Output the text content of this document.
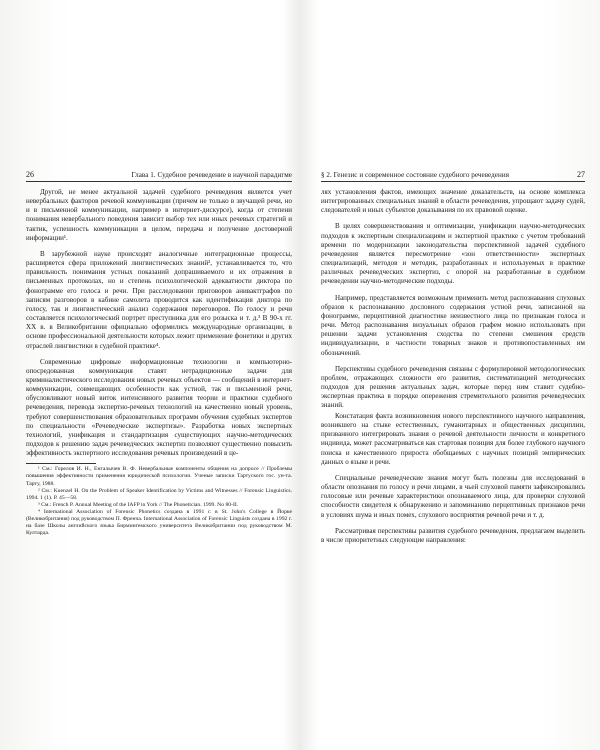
26	Глава 1. Судебное речеведение в научной парадигме

Другой, не менее актуальной задачей судебного речеведения является учет невербальных факторов речевой коммуникации (причем не только в звучащей речи, но и в письменной коммуникации, например в интернет-дискурсе), когда от степени понимания невербального поведения зависит выбор тех или иных речевых стратегий и тактик, успешность коммуникации в целом, передача и получение достоверной информации¹.

В зарубежной науке происходят аналогичные интеграционные процессы, расширяется сфера приложений лингвистических знаний², устанавливается то, что правильность понимания устных показаний допрашиваемого и их отражения в письменных протоколах, но и степень психологической адекватности диктора по фонограмме его голоса и речи. При расследовании приговоров анивактграфов по записям разговоров в кабине самолета проводится как идентификация диктора по голосу, так и лингвистический анализ содержания переговоров. По голосу и речи составляется психологический портрет преступника для его розыска и т. д.³ В 90-х гг. XX в. в Великобритании официально оформились международные организации, в основе профессиональной деятельности которых лежит применение фонетики и других отраслей лингвистики в судебной практике⁴.

Современные цифровые информационные технологии и компьютерно-опосредованная коммуникация ставят нетрадиционные задачи для криминалистического исследования новых речевых объектов — сообщений в интернет-коммуникации, совмещающих особенности как устной, так и письменной речи, обусловливают новый виток интенсивного развития теории и практики судебного речеведения, перевода экспертно-речевых технологий на качественно новый уровень, требуют совершенствования образовательных программ обучения судебных экспертов по специальности «Речеведческие экспертизы». Разработка новых экспертных технологий, унификация и стандартизация существующих научно-методических подходов к решению задач речеведческих экспертиз позволяют существенно повысить эффективность экспертного исследования речевых произведений в це-

¹ См.: Горелов И. Н., Енгалычев В. Ф. Невербальные компоненты общения на допросе // Проблемы повышения эффективности применения юридической психологии. Ученые записки Тартуского гос. ун-та. Тарту, 1988.

² См.: Kuenzel H. On the Problem of Speaker Identification by Victims and Witnesses // Forensic Linguistics. 1994. 1 (1). P. 45—58.

³ См.: French P. Annual Meeting of the IAFP in York // The Phonetician. 1999. No 80-II.

⁴ International Association of Forensic Phonetics создана в 1991 г. в St. John's College в Йорке (Великобритания) под руководством П. Френча. International Association of Forensic Linguists создана в 1992 г. на базе Школы английского языка Бирмингемского университета Великобритании под руководством М. Култарда.

§ 2. Генезис и современное состояние судебного речеведения	27

лях установления фактов, имеющих значение доказательств, на основе комплекса интегрированных специальных знаний в области речеведения, упрощают задачу судей, следователей и иных субъектов доказывания по их правовой оценке.

В целях совершенствования и оптимизации, унификации научно-методических подходов к экспертным специализациям и экспертной практике с учетом требований времени по модернизации законодательства перспективной задачей судебного речеведения является пересмотрение «зон ответственности» экспертных специализаций, методов и методик, разработанных и используемых в практике различных речеведческих экспертиз, с опорой на разработанные в судебном речеведении научно-методические подходы.

Например, представляется возможным применить метод распознавания слуховых образов к распознаванию дословного содержания устной речи, записанной на фонограмме, перцептивной диагностике неизвестного лица по признакам голоса и речи. Метод распознавания визуальных образов графем можно использовать при решении задачи установления сходства по степени смешения средств индивидуализации, в частности товарных знаков и противопоставленных им обозначений.

Перспективы судебного речеведения связаны с формулировкой методологических проблем, отражающих сложности его развития, систематизацией методических подходов для решения актуальных задач, которые перед ним ставит судебно-экспертная практика в порядке опережения стремительного развития речеведческих знаний.

Констатация факта возникновения нового перспективного научного направления, возникшего на стыке естественных, гуманитарных и общественных дисциплин, призванного интегрировать знания о речевой деятельности личности и конкретного индивида, может рассматриваться как стартовая позиция для более глубокого научного поиска и качественного прироста обобщаемых с научных позиций эмпирических данных о языке и речи.

Специальные речеведческие знания могут быть полезны для исследований в области опознания по голосу и речи лицами, в чьей слуховой памяти зафиксировались голосовые или речевые характеристики опознаваемого лица, для проверки слуховой способности свидетеля к обнаружению и запоминанию перцептивных признаков речи в условиях шума и иных помех, слухового восприятия речевой речи и т. д.

Рассматривая перспективы развития судебного речеведения, предлагаем выделить в числе приоритетных следующие направления:
